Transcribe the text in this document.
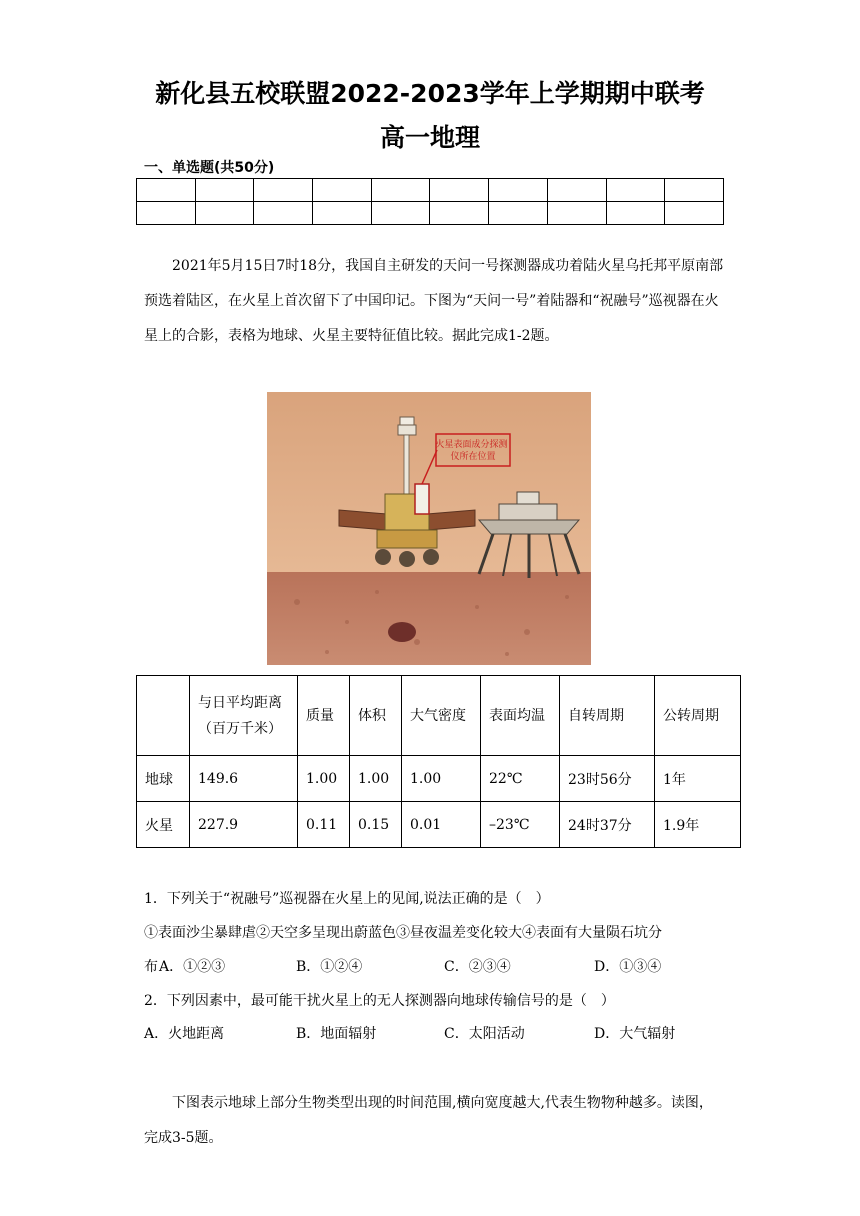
新化县五校联盟2022-2023学年上学期期中联考
高一地理
一、单选题(共50分)

2021年5月15日7时18分，我国自主研发的天问一号探测器成功着陆火星乌托邦平原南部预选着陆区，在火星上首次留下了中国印记。下图为“天问一号”着陆器和“祝融号”巡视器在火星上的合影，表格为地球、火星主要特征值比较。据此完成1-2题。

火星表面成分探测 仪所在位置
	与日平均距离（百万千米）	质量	体积	大气密度	表面均温	自转周期	公转周期
地球	149.6	1.00	1.00	1.00	22℃	23时56分	1年
火星	227.9	0.11	0.15	0.01	–23℃	24时37分	1.9年

1．下列关于“祝融号”巡视器在火星上的见闻,说法正确的是（　）

①表面沙尘暴肆虐②天空多呈现出蔚蓝色③昼夜温差变化较大④表面有大量陨石坑分

布 A．①②③	B．①②④	C．②③④	D．①③④

2．下列因素中，最可能干扰火星上的无人探测器向地球传输信号的是（　）

A．火地距离	B．地面辐射	C．太阳活动	D．大气辐射

下图表示地球上部分生物类型出现的时间范围,横向宽度越大,代表生物物种越多。读图，完成3-5题。
